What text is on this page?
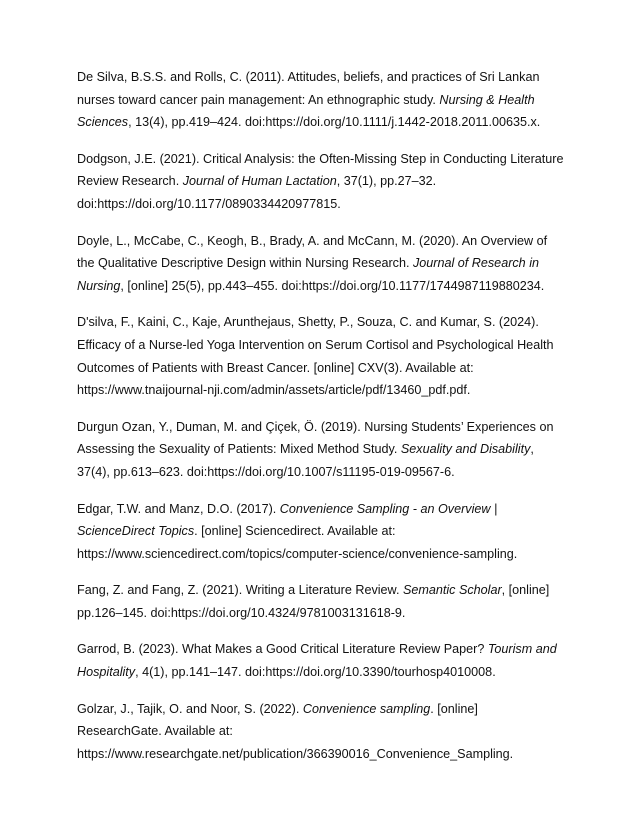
De Silva, B.S.S. and Rolls, C. (2011). Attitudes, beliefs, and practices of Sri Lankan
nurses toward cancer pain management: An ethnographic study. Nursing & Health
Sciences, 13(4), pp.419–424. doi:https://doi.org/10.1111/j.1442-2018.2011.00635.x.
Dodgson, J.E. (2021). Critical Analysis: the Often-Missing Step in Conducting Literature
Review Research. Journal of Human Lactation, 37(1), pp.27–32.
doi:https://doi.org/10.1177/0890334420977815.
Doyle, L., McCabe, C., Keogh, B., Brady, A. and McCann, M. (2020). An Overview of
the Qualitative Descriptive Design within Nursing Research. Journal of Research in
Nursing, [online] 25(5), pp.443–455. doi:https://doi.org/10.1177/1744987119880234.
D'silva, F., Kaini, C., Kaje, Arunthejaus, Shetty, P., Souza, C. and Kumar, S. (2024).
Efficacy of a Nurse-led Yoga Intervention on Serum Cortisol and Psychological Health
Outcomes of Patients with Breast Cancer. [online] CXV(3). Available at:
https://www.tnaijournal-nji.com/admin/assets/article/pdf/13460_pdf.pdf.
Durgun Ozan, Y., Duman, M. and Çiçek, Ö. (2019). Nursing Students’ Experiences on
Assessing the Sexuality of Patients: Mixed Method Study. Sexuality and Disability,
37(4), pp.613–623. doi:https://doi.org/10.1007/s11195-019-09567-6.
Edgar, T.W. and Manz, D.O. (2017). Convenience Sampling - an Overview |
ScienceDirect Topics. [online] Sciencedirect. Available at:
https://www.sciencedirect.com/topics/computer-science/convenience-sampling.
Fang, Z. and Fang, Z. (2021). Writing a Literature Review. Semantic Scholar, [online]
pp.126–145. doi:https://doi.org/10.4324/9781003131618-9.
Garrod, B. (2023). What Makes a Good Critical Literature Review Paper? Tourism and
Hospitality, 4(1), pp.141–147. doi:https://doi.org/10.3390/tourhosp4010008.
Golzar, J., Tajik, O. and Noor, S. (2022). Convenience sampling. [online]
ResearchGate. Available at:
https://www.researchgate.net/publication/366390016_Convenience_Sampling.
